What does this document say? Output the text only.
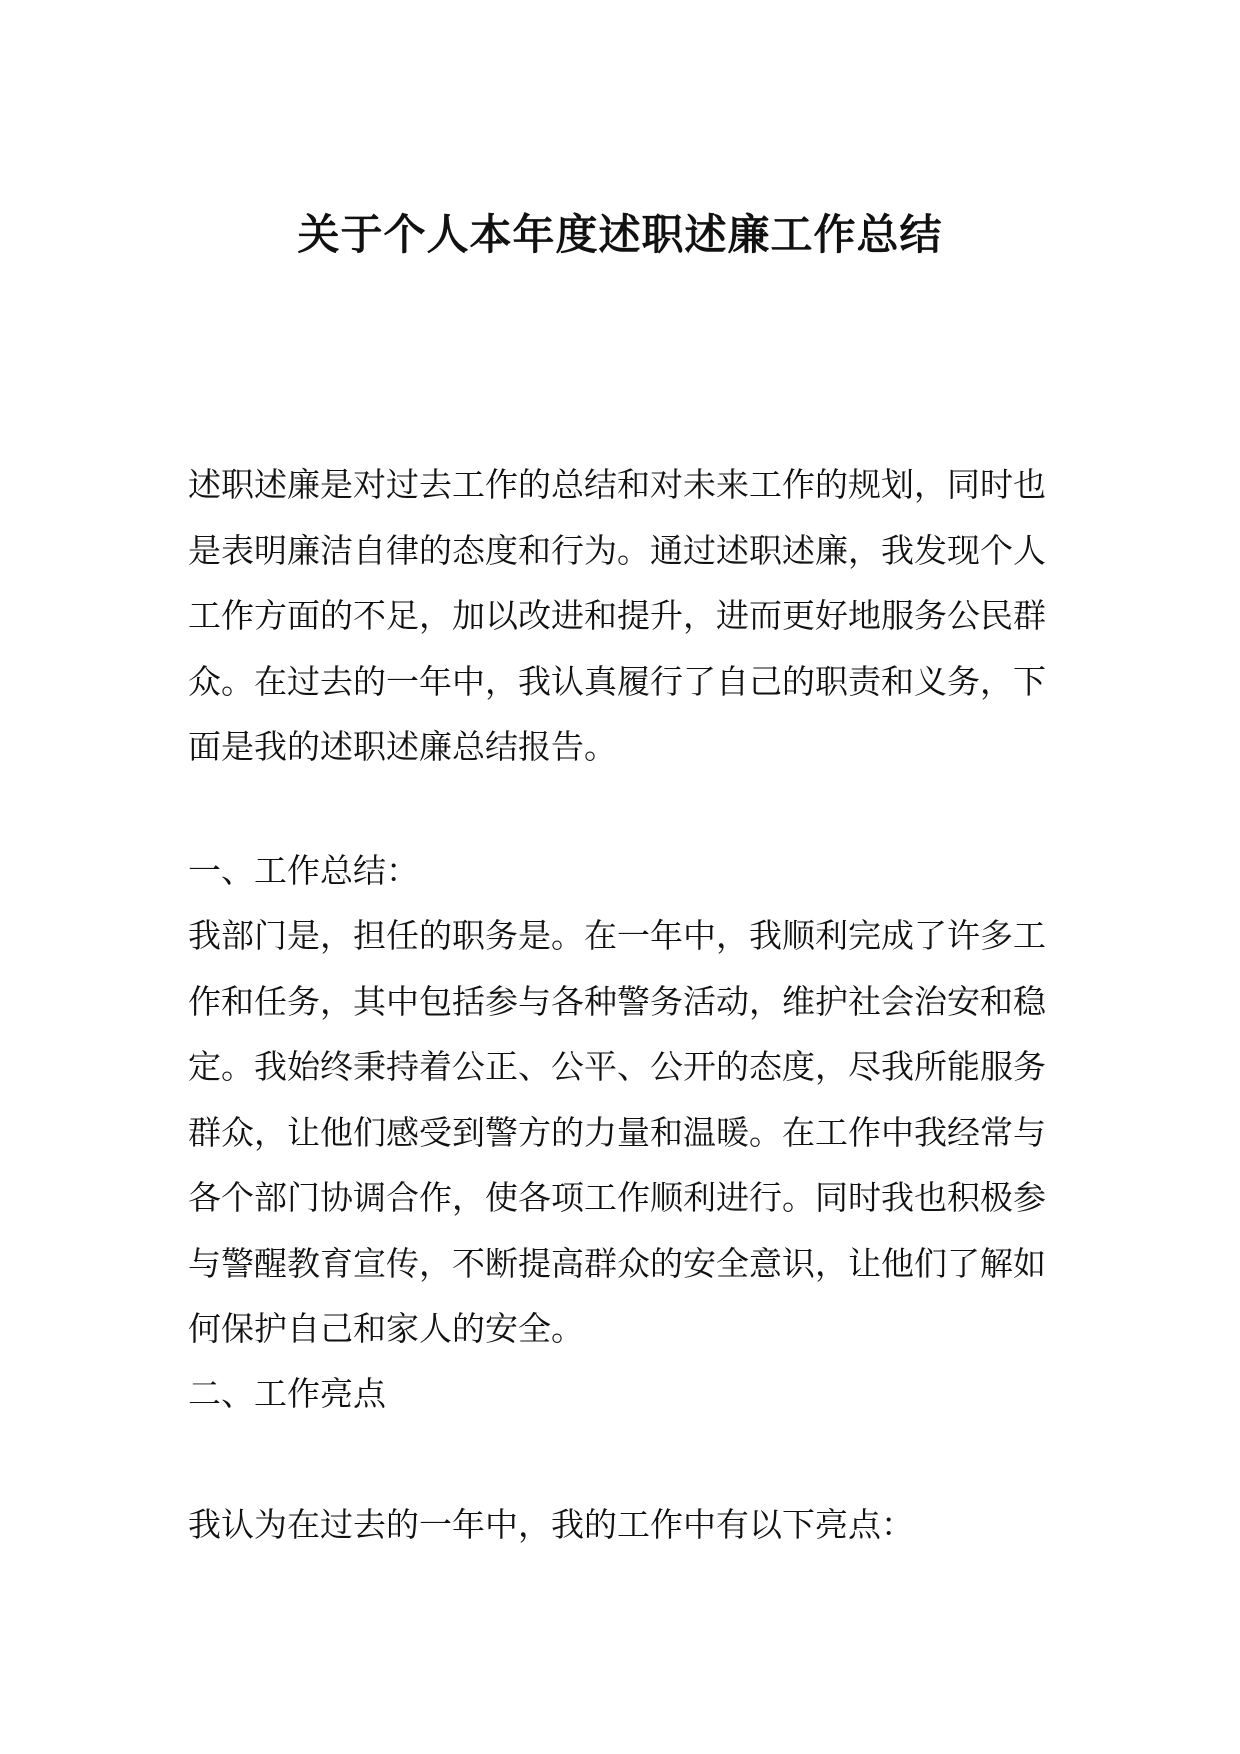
关于个人本年度述职述廉工作总结

述职述廉是对过去工作的总结和对未来工作的规划，同时也是表明廉洁自律的态度和行为。通过述职述廉，我发现个人工作方面的不足，加以改进和提升，进而更好地服务公民群众。在过去的一年中，我认真履行了自己的职责和义务，下面是我的述职述廉总结报告。

一、工作总结：

我部门是，担任的职务是。在一年中，我顺利完成了许多工作和任务，其中包括参与各种警务活动，维护社会治安和稳定。我始终秉持着公正、公平、公开的态度，尽我所能服务群众，让他们感受到警方的力量和温暖。在工作中我经常与各个部门协调合作，使各项工作顺利进行。同时我也积极参与警醒教育宣传，不断提高群众的安全意识，让他们了解如何保护自己和家人的安全。

二、工作亮点

我认为在过去的一年中，我的工作中有以下亮点：
